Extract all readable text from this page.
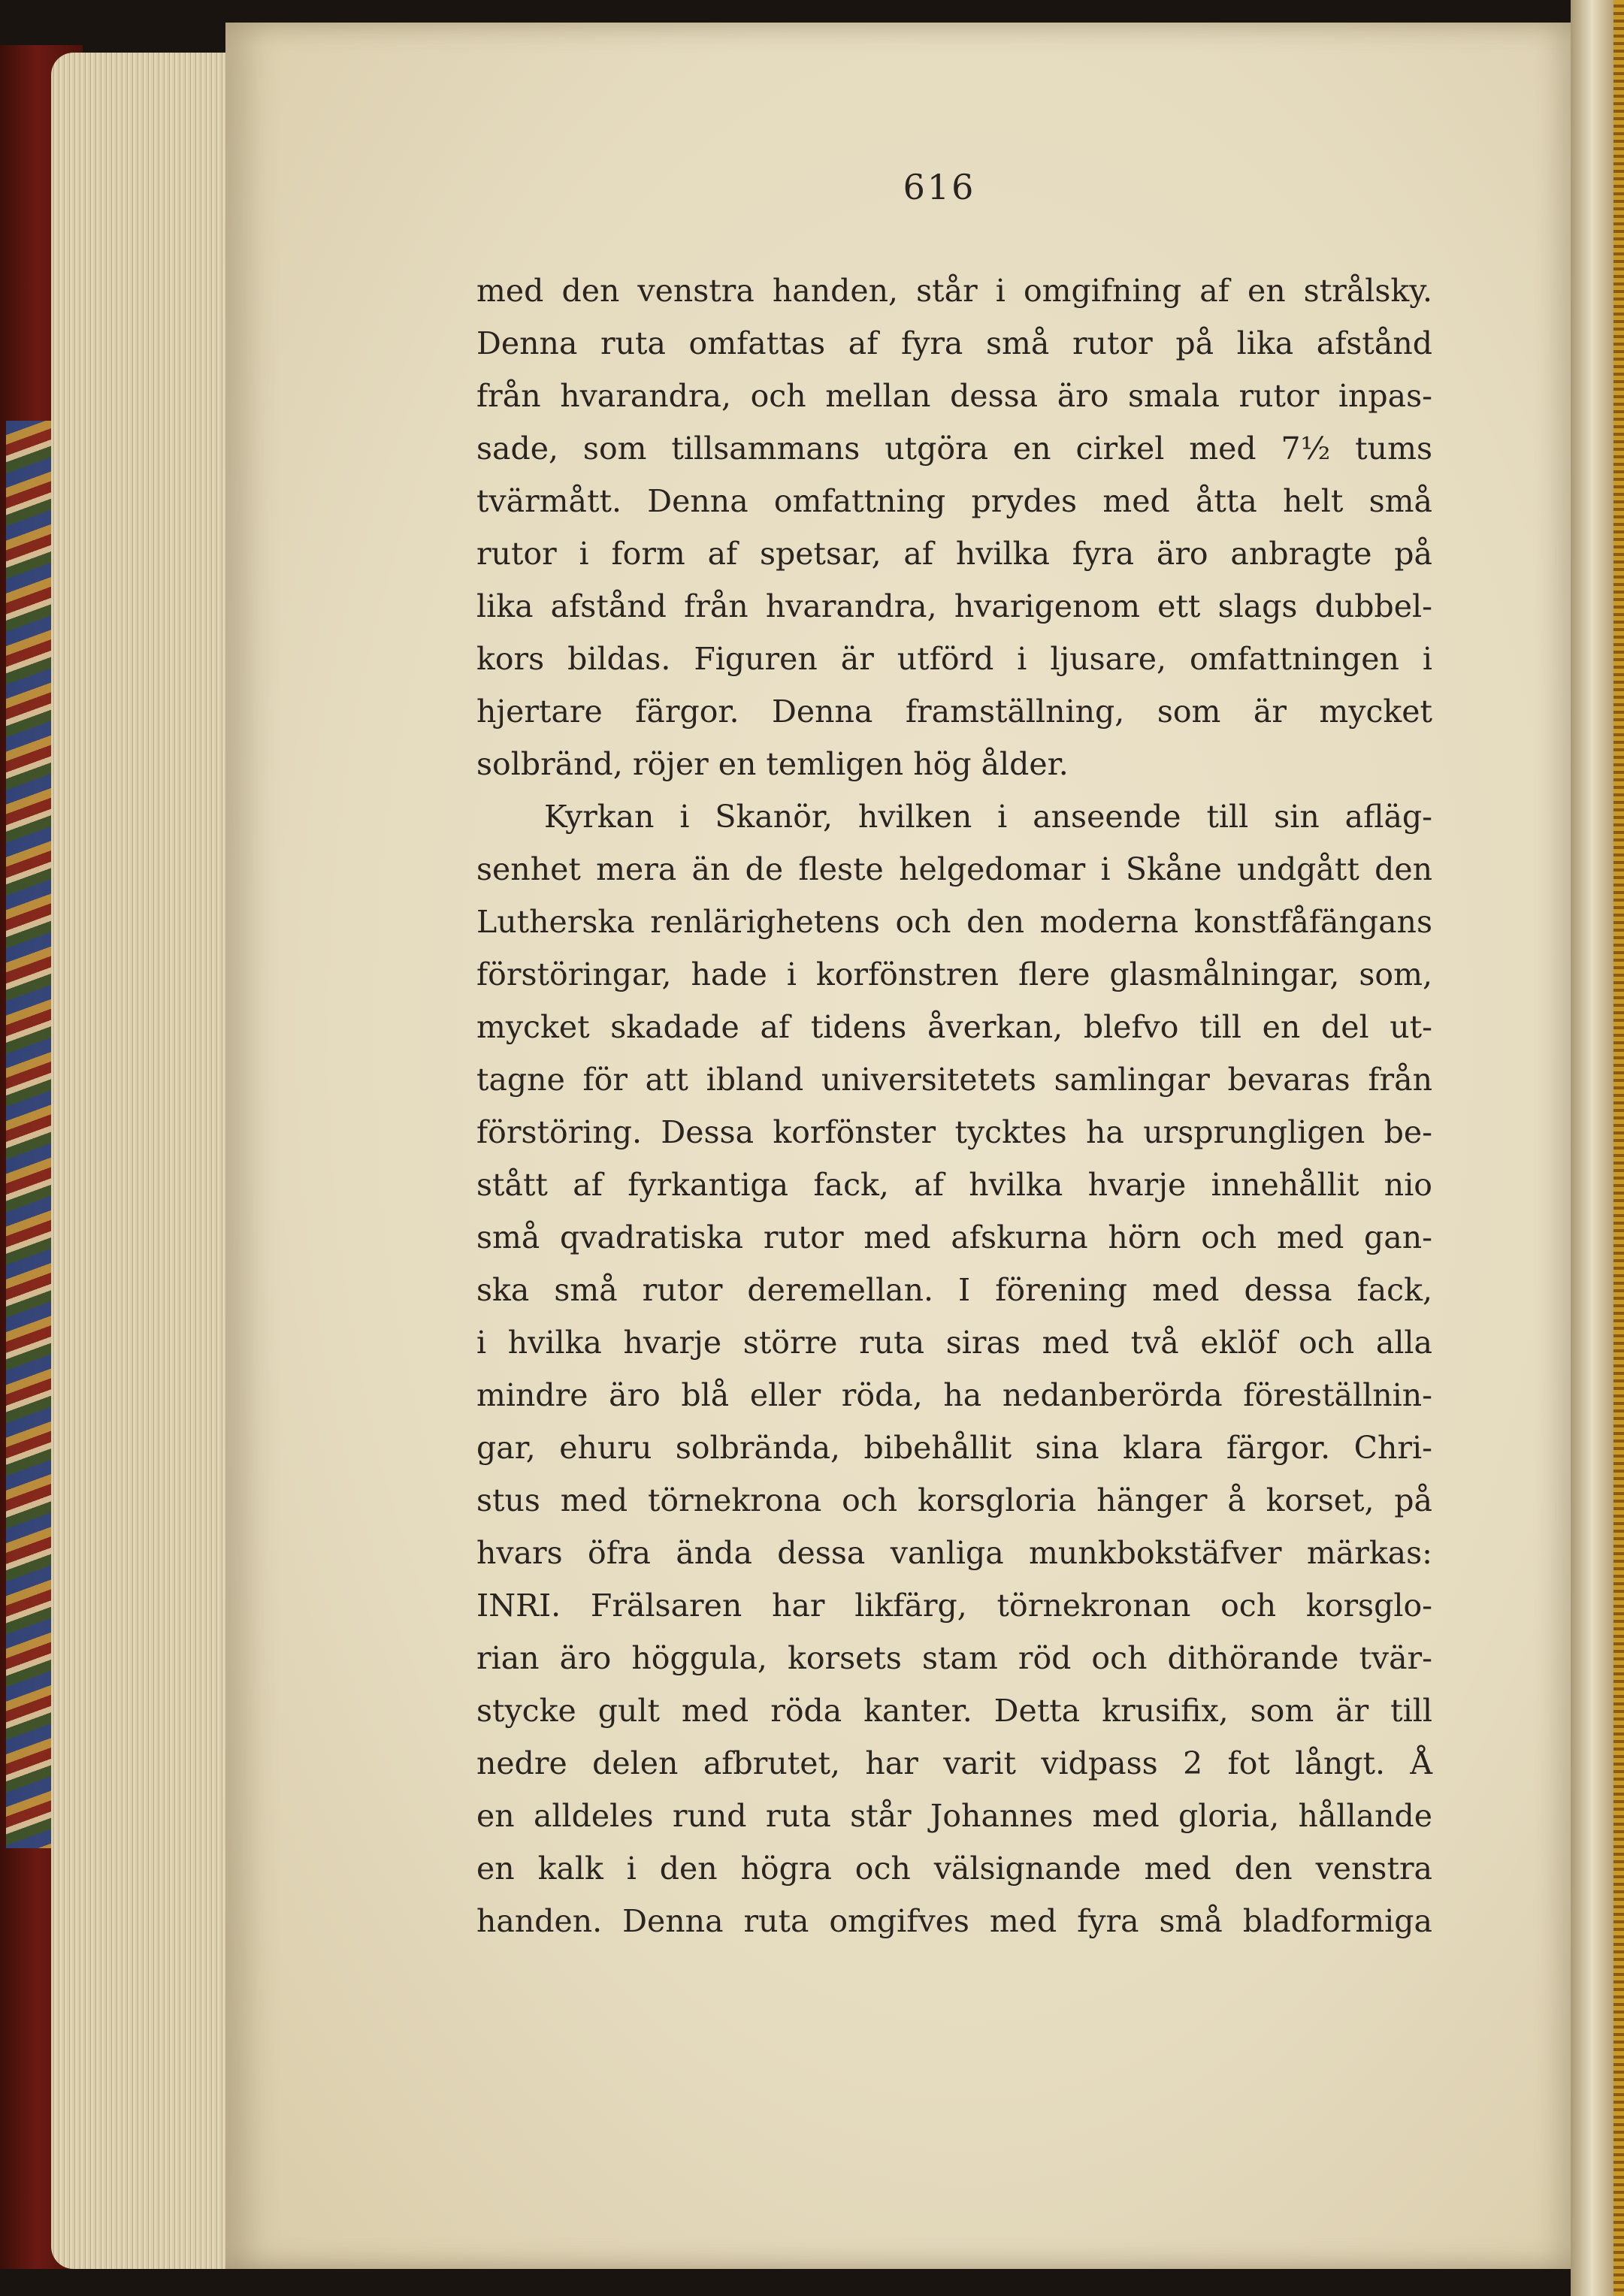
616
med den venstra handen, står i omgifning af en strålsky.
Denna ruta omfattas af fyra små rutor på lika afstånd
från hvarandra, och mellan dessa äro smala rutor inpas-
sade, som tillsammans utgöra en cirkel med 7½ tums
tvärmått. Denna omfattning prydes med åtta helt små
rutor i form af spetsar, af hvilka fyra äro anbragte på
lika afstånd från hvarandra, hvarigenom ett slags dubbel-
kors bildas. Figuren är utförd i ljusare, omfattningen i
hjertare färgor. Denna framställning, som är mycket
solbränd, röjer en temligen hög ålder.
Kyrkan i Skanör, hvilken i anseende till sin afläg-
senhet mera än de fleste helgedomar i Skåne undgått den
Lutherska renlärighetens och den moderna konstfåfängans
förstöringar, hade i korfönstren flere glasmålningar, som,
mycket skadade af tidens åverkan, blefvo till en del ut-
tagne för att ibland universitetets samlingar bevaras från
förstöring. Dessa korfönster tycktes ha ursprungligen be-
stått af fyrkantiga fack, af hvilka hvarje innehållit nio
små qvadratiska rutor med afskurna hörn och med gan-
ska små rutor deremellan. I förening med dessa fack,
i hvilka hvarje större ruta siras med två eklöf och alla
mindre äro blå eller röda, ha nedanberörda föreställnin-
gar, ehuru solbrända, bibehållit sina klara färgor. Chri-
stus med törnekrona och korsgloria hänger å korset, på
hvars öfra ända dessa vanliga munkbokstäfver märkas:
INRI. Frälsaren har likfärg, törnekronan och korsglo-
rian äro höggula, korsets stam röd och dithörande tvär-
stycke gult med röda kanter. Detta krusifix, som är till
nedre delen afbrutet, har varit vidpass 2 fot långt. Å
en alldeles rund ruta står Johannes med gloria, hållande
en kalk i den högra och välsignande med den venstra
handen. Denna ruta omgifves med fyra små bladformiga
